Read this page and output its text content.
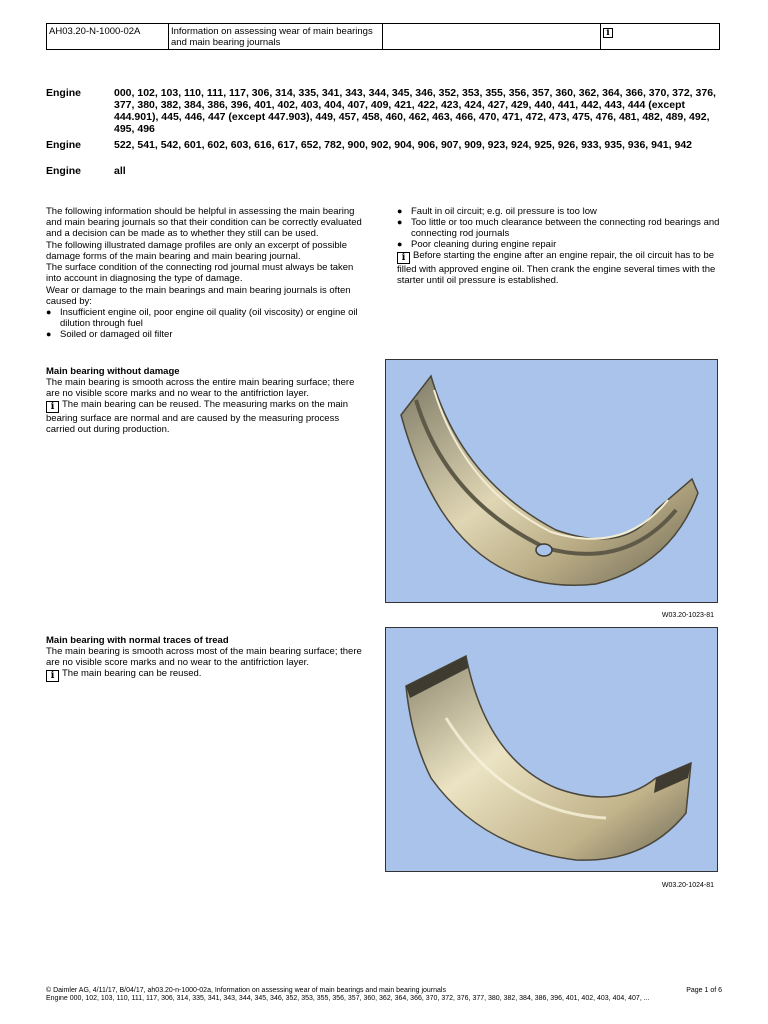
AH03.20-N-1000-02A	Information on assessing wear of main bearings and main bearing journals
i
Engine	000, 102, 103, 110, 111, 117, 306, 314, 335, 341, 343, 344, 345, 346, 352, 353, 355, 356, 357, 360, 362, 364, 366, 370, 372, 376, 377, 380, 382, 384, 386, 396, 401, 402, 403, 404, 407, 409, 421, 422, 423, 424, 427, 429, 440, 441, 442, 443, 444 (except 444.901), 445, 446, 447 (except 447.903), 449, 457, 458, 460, 462, 463, 466, 470, 471, 472, 473, 475, 476, 481, 482, 489, 492, 495, 496
Engine	522, 541, 542, 601, 602, 603, 616, 617, 652, 782, 900, 902, 904, 906, 907, 909, 923, 924, 925, 926, 933, 935, 936, 941, 942
Engine	all

The following information should be helpful in assessing the main bearing and main bearing journals so that their condition can be correctly evaluated and a decision can be made as to whether they still can be used.

The following illustrated damage profiles are only an excerpt of possible damage forms of the main bearing and main bearing journal.

The surface condition of the connecting rod journal must always be taken into account in diagnosing the type of damage.

Wear or damage to the main bearings and main bearing journals is often caused by:

● Insufficient engine oil, poor engine oil quality (oil viscosity) or engine oil dilution through fuel
● Soiled or damaged oil filter
● Fault in oil circuit; e.g. oil pressure is too low
● Too little or too much clearance between the connecting rod bearings and connecting rod journals
● Poor cleaning during engine repair
i Before starting the engine after an engine repair, the oil circuit has to be filled with approved engine oil. Then crank the engine several times with the starter until oil pressure is established.
Main bearing without damage
The main bearing is smooth across the entire main bearing surface; there are no visible score marks and no wear to the antifriction layer.
i The main bearing can be reused. The measuring marks on the main bearing surface are normal and are caused by the measuring process carried out during production.
W03.20-1023-81
Main bearing with normal traces of tread
The main bearing is smooth across most of the main bearing surface; there are no visible score marks and no wear to the antifriction layer.
i The main bearing can be reused.
W03.20-1024-81
© Daimler AG, 4/11/17, B/04/17, ah03.20-n-1000-02a, Information on assessing wear of main bearings and main bearing journals	Page 1 of 6
Engine 000, 102, 103, 110, 111, 117, 306, 314, 335, 341, 343, 344, 345, 346, 352, 353, 355, 356, 357, 360, 362, 364, 366, 370, 372, 376, 377, 380, 382, 384, 386, 396, 401, 402, 403, 404, 407, ...
